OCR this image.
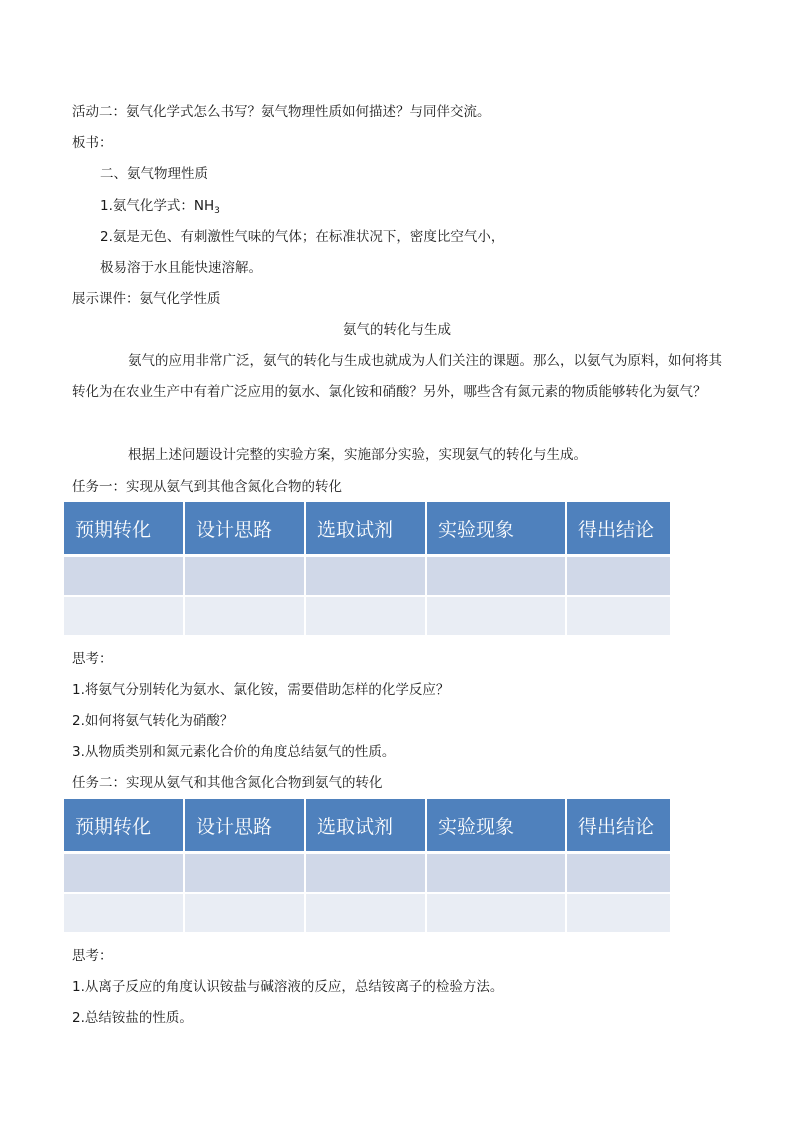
活动二：氨气化学式怎么书写？氨气物理性质如何描述？与同伴交流。
板书：
二、氨气物理性质
1.氨气化学式：$NH_3$
2.氨是无色、有刺激性气味的气体；在标准状况下，密度比空气小，
极易溶于水且能快速溶解。
展示课件：氨气化学性质
氨气的转化与生成
氨气的应用非常广泛，氨气的转化与生成也就成为人们关注的课题。那么，以氨气为原料，如何将其转化为在农业生产中有着广泛应用的氨水、氯化铵和硝酸？另外，哪些含有氮元素的物质能够转化为氨气？
根据上述问题设计完整的实验方案，实施部分实验，实现氨气的转化与生成。
任务一：实现从氨气到其他含氮化合物的转化
预期转化	设计思路	选取试剂	实验现象	得出结论

思考：
1.将氨气分别转化为氨水、氯化铵，需要借助怎样的化学反应？
2.如何将氨气转化为硝酸？
3.从物质类别和氮元素化合价的角度总结氨气的性质。
任务二：实现从氨气和其他含氮化合物到氨气的转化
预期转化	设计思路	选取试剂	实验现象	得出结论

思考：
1.从离子反应的角度认识铵盐与碱溶液的反应，总结铵离子的检验方法。
2.总结铵盐的性质。
